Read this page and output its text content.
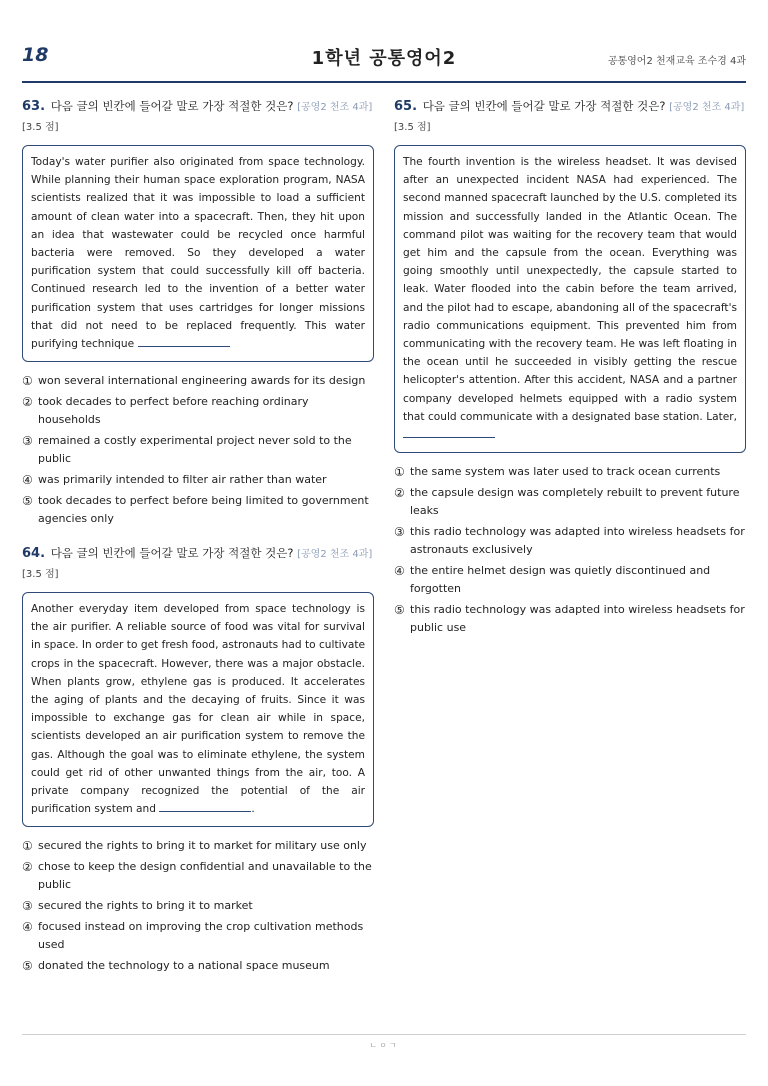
18	1학년 공통영어2	공통영어2 천재교육 조수경 4과
63. 다음 글의 빈칸에 들어갈 말로 가장 적절한 것은? [공영2 천조 4과] [3.5 점]
Today's water purifier also originated from space technology. While planning their human space exploration program, NASA scientists realized that it was impossible to load a sufficient amount of clean water into a spacecraft. Then, they hit upon an idea that wastewater could be recycled once harmful bacteria were removed. So they developed a water purification system that could successfully kill off bacteria. Continued research led to the invention of a better water purification system that uses cartridges for longer missions that did not need to be replaced frequently. This water purifying technique
① won several international engineering awards for its design
② took decades to perfect before reaching ordinary households
③ remained a costly experimental project never sold to the public
④ was primarily intended to filter air rather than water
⑤ took decades to perfect before being limited to government agencies only
64. 다음 글의 빈칸에 들어갈 말로 가장 적절한 것은? [공영2 천조 4과] [3.5 점]
Another everyday item developed from space technology is the air purifier. A reliable source of food was vital for survival in space. In order to get fresh food, astronauts had to cultivate crops in the spacecraft. However, there was a major obstacle. When plants grow, ethylene gas is produced. It accelerates the aging of plants and the decaying of fruits. Since it was impossible to exchange gas for clean air while in space, scientists developed an air purification system to remove the gas. Although the goal was to eliminate ethylene, the system could get rid of other unwanted things from the air, too. A private company recognized the potential of the air purification system and	.
① secured the rights to bring it to market for military use only
② chose to keep the design confidential and unavailable to the public
③ secured the rights to bring it to market
④ focused instead on improving the crop cultivation methods used
⑤ donated the technology to a national space museum
65. 다음 글의 빈칸에 들어갈 말로 가장 적절한 것은? [공영2 천조 4과] [3.5 점]
The fourth invention is the wireless headset. It was devised after an unexpected incident NASA had experienced. The second manned spacecraft launched by the U.S. completed its mission and successfully landed in the Atlantic Ocean. The command pilot was waiting for the recovery team that would get him and the capsule from the ocean. Everything was going smoothly until unexpectedly, the capsule started to leak. Water flooded into the cabin before the team arrived, and the pilot had to escape, abandoning all of the spacecraft's radio communications equipment. This prevented him from communicating with the recovery team. He was left floating in the ocean until he succeeded in visibly getting the rescue helicopter's attention. After this accident, NASA and a partner company developed helmets equipped with a radio system that could communicate with a designated base station. Later,
① the same system was later used to track ocean currents
② the capsule design was completely rebuilt to prevent future leaks
③ this radio technology was adapted into wireless headsets for astronauts exclusively
④ the entire helmet design was quietly discontinued and forgotten
⑤ this radio technology was adapted into wireless headsets for public use
ㄴㅇㄱ
